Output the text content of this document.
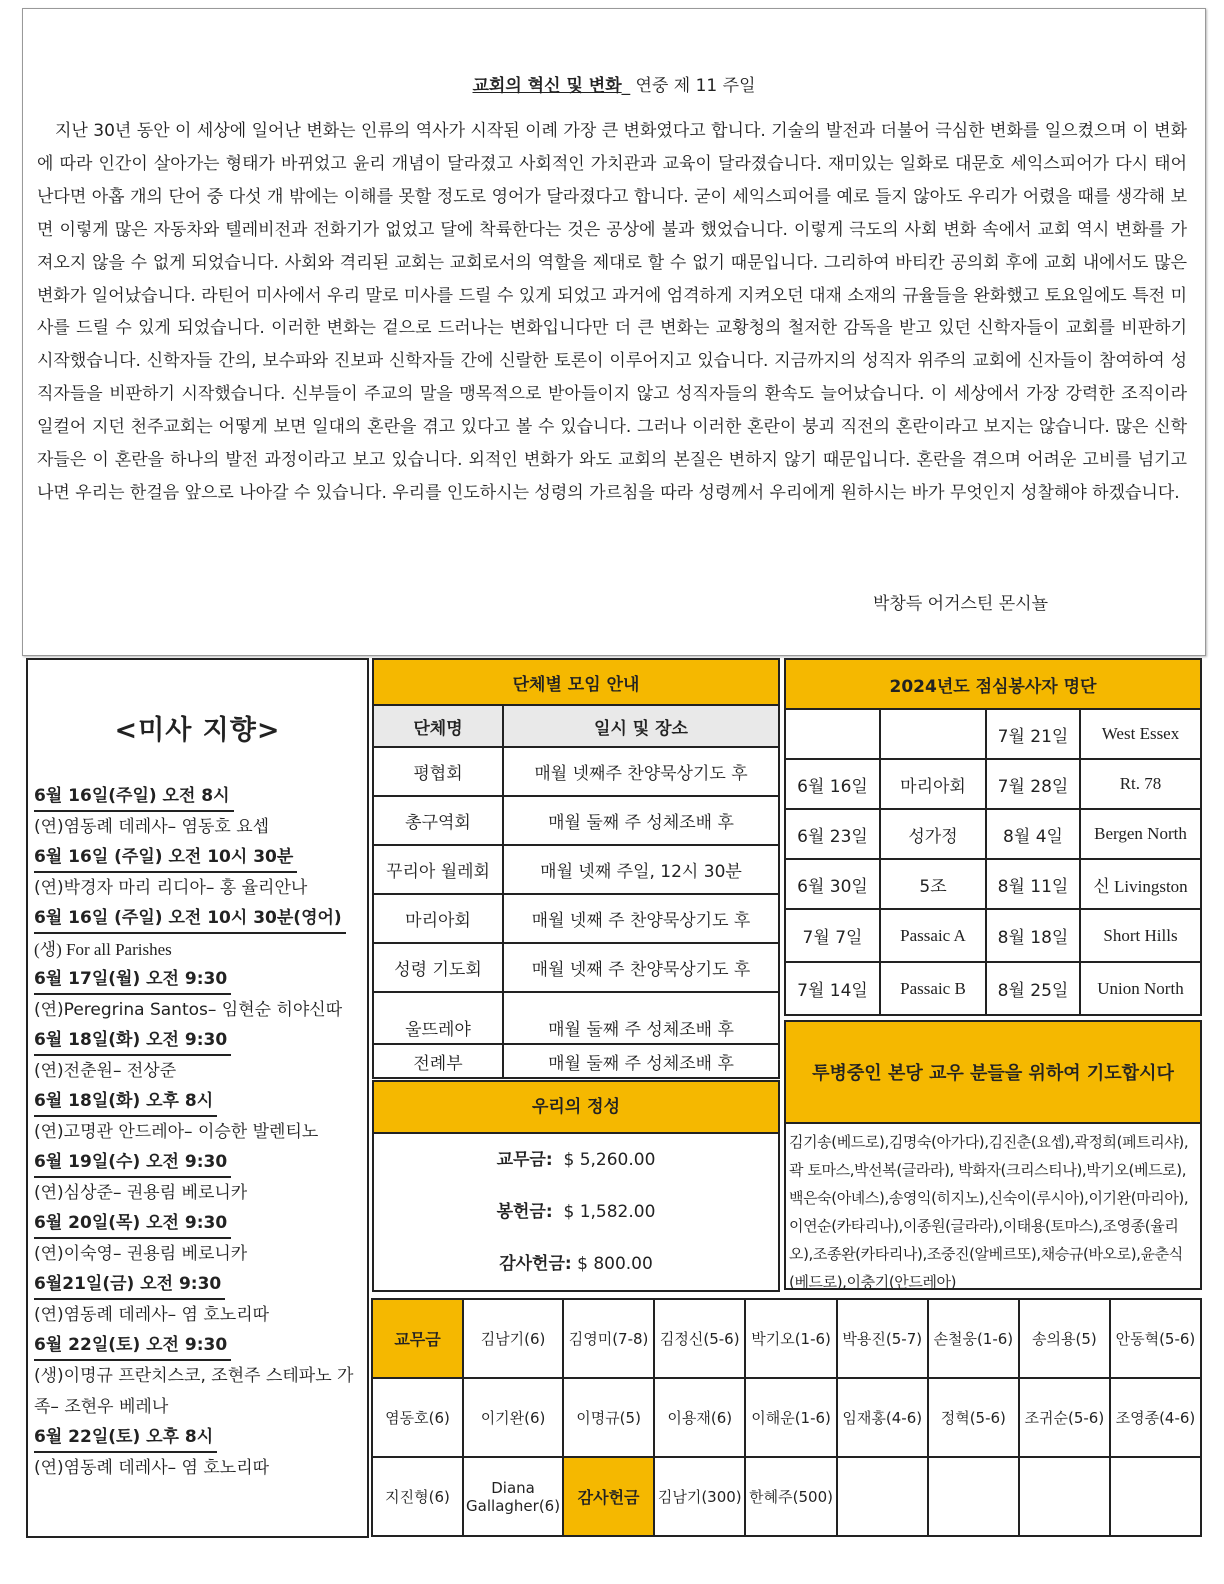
교회의 혁신 및 변화_ 연중 제 11 주일

지난 30년 동안 이 세상에 일어난 변화는 인류의 역사가 시작된 이례 가장 큰 변화였다고 합니다. 기술의 발전과 더불어 극심한 변화를 일으켰으며 이 변화에 따라 인간이 살아가는 형태가 바뀌었고 윤리 개념이 달라졌고 사회적인 가치관과 교육이 달라졌습니다. 재미있는 일화로 대문호 세익스피어가 다시 태어난다면 아홉 개의 단어 중 다섯 개 밖에는 이해를 못할 정도로 영어가 달라졌다고 합니다. 굳이 세익스피어를 예로 들지 않아도 우리가 어렸을 때를 생각해 보면 이렇게 많은 자동차와 텔레비전과 전화기가 없었고 달에 착륙한다는 것은 공상에 불과 했었습니다. 이렇게 극도의 사회 변화 속에서 교회 역시 변화를 가져오지 않을 수 없게 되었습니다. 사회와 격리된 교회는 교회로서의 역할을 제대로 할 수 없기 때문입니다. 그리하여 바티칸 공의회 후에 교회 내에서도 많은 변화가 일어났습니다. 라틴어 미사에서 우리 말로 미사를 드릴 수 있게 되었고 과거에 엄격하게 지켜오던 대재 소재의 규율들을 완화했고 토요일에도 특전 미사를 드릴 수 있게 되었습니다. 이러한 변화는 겉으로 드러나는 변화입니다만 더 큰 변화는 교황청의 철저한 감독을 받고 있던 신학자들이 교회를 비판하기 시작했습니다. 신학자들 간의, 보수파와 진보파 신학자들 간에 신랄한 토론이 이루어지고 있습니다. 지금까지의 성직자 위주의 교회에 신자들이 참여하여 성직자들을 비판하기 시작했습니다. 신부들이 주교의 말을 맹목적으로 받아들이지 않고 성직자들의 환속도 늘어났습니다. 이 세상에서 가장 강력한 조직이라 일컬어 지던 천주교회는 어떻게 보면 일대의 혼란을 겪고 있다고 볼 수 있습니다. 그러나 이러한 혼란이 붕괴 직전의 혼란이라고 보지는 않습니다. 많은 신학자들은 이 혼란을 하나의 발전 과정이라고 보고 있습니다. 외적인 변화가 와도 교회의 본질은 변하지 않기 때문입니다. 혼란을 겪으며 어려운 고비를 넘기고 나면 우리는 한걸음 앞으로 나아갈 수 있습니다. 우리를 인도하시는 성령의 가르침을 따라 성령께서 우리에게 원하시는 바가 무엇인지 성찰해야 하겠습니다.

박창득 어거스틴 몬시뇰
<미사 지향>
6월 16일(주일) 오전 8시
(연)염동례 데레사– 염동호 요셉
6월 16일 (주일) 오전 10시 30분
(연)박경자 마리 리디아– 홍 율리안나
6월 16일 (주일) 오전 10시 30분(영어)
(생) For all Parishes
6월 17일(월) 오전 9:30
(연)Peregrina Santos– 임현순 히야신따
6월 18일(화) 오전 9:30
(연)전춘원– 전상준
6월 18일(화) 오후 8시
(연)고명관 안드레아– 이승한 발렌티노
6월 19일(수) 오전 9:30
(연)심상준– 권용림 베로니카
6월 20일(목) 오전 9:30
(연)이숙영– 권용림 베로니카
6월21일(금) 오전 9:30
(연)염동례 데레사– 염 호노리따
6월 22일(토) 오전 9:30
(생)이명규 프란치스코, 조현주 스테파노 가족– 조현우 베레나
6월 22일(토) 오후 8시
(연)염동례 데레사– 염 호노리따
단체별 모임 안내	
단체명	일시 및 장소
평협회	매월 넷째주 찬양묵상기도 후
총구역회	매월 둘째 주 성체조배 후
꾸리아 월레회	매월 넷째 주일, 12시 30분
마리아회	매월 넷째 주 찬양묵상기도 후
성령 기도회	매월 넷째 주 찬양묵상기도 후
울뜨레야	매월 둘째 주 성체조배 후
전례부	매월 둘째 주 성체조배 후
우리의 정성
교무금: $ 5,260.00
봉헌금: $ 1,582.00
감사헌금: $ 800.00
2024년도 점심봉사자 명단			
		7월 21일	West Essex
6월 16일	마리아회	7월 28일	Rt. 78
6월 23일	성가정	8월 4일	Bergen North
6월 30일	5조	8월 11일	신 Livingston
7월 7일	Passaic A	8월 18일	Short Hills
7월 14일	Passaic B	8월 25일	Union North
투병중인 본당 교우 분들을 위하여 기도합시다
김기송(베드로),김명숙(아가다),김진춘(요셉),곽정희(페트리샤),곽 토마스,박선복(글라라), 박화자(크리스티나),박기오(베드로),백은숙(아녜스),송영익(히지노),신숙이(루시아),이기완(마리아),이연순(카타리나),이종원(글라라),이태용(토마스),조영종(율리오),조종완(카타리나),조중진(알베르또),채승규(바오로),윤춘식(베드로),이충기(안드레아)
교무금	김남기(6)	김영미(7-8)	김정신(5-6)	박기오(1-6)	박용진(5-7)	손철웅(1-6)	송의용(5)	안동혁(5-6)
염동호(6)	이기완(6)	이명규(5)	이용재(6)	이해운(1-6)	임재홍(4-6)	정혁(5-6)	조귀순(5-6)	조영종(4-6)
지진형(6)	Diana Gallagher(6)	감사헌금	김남기(300)	한혜주(500)				
